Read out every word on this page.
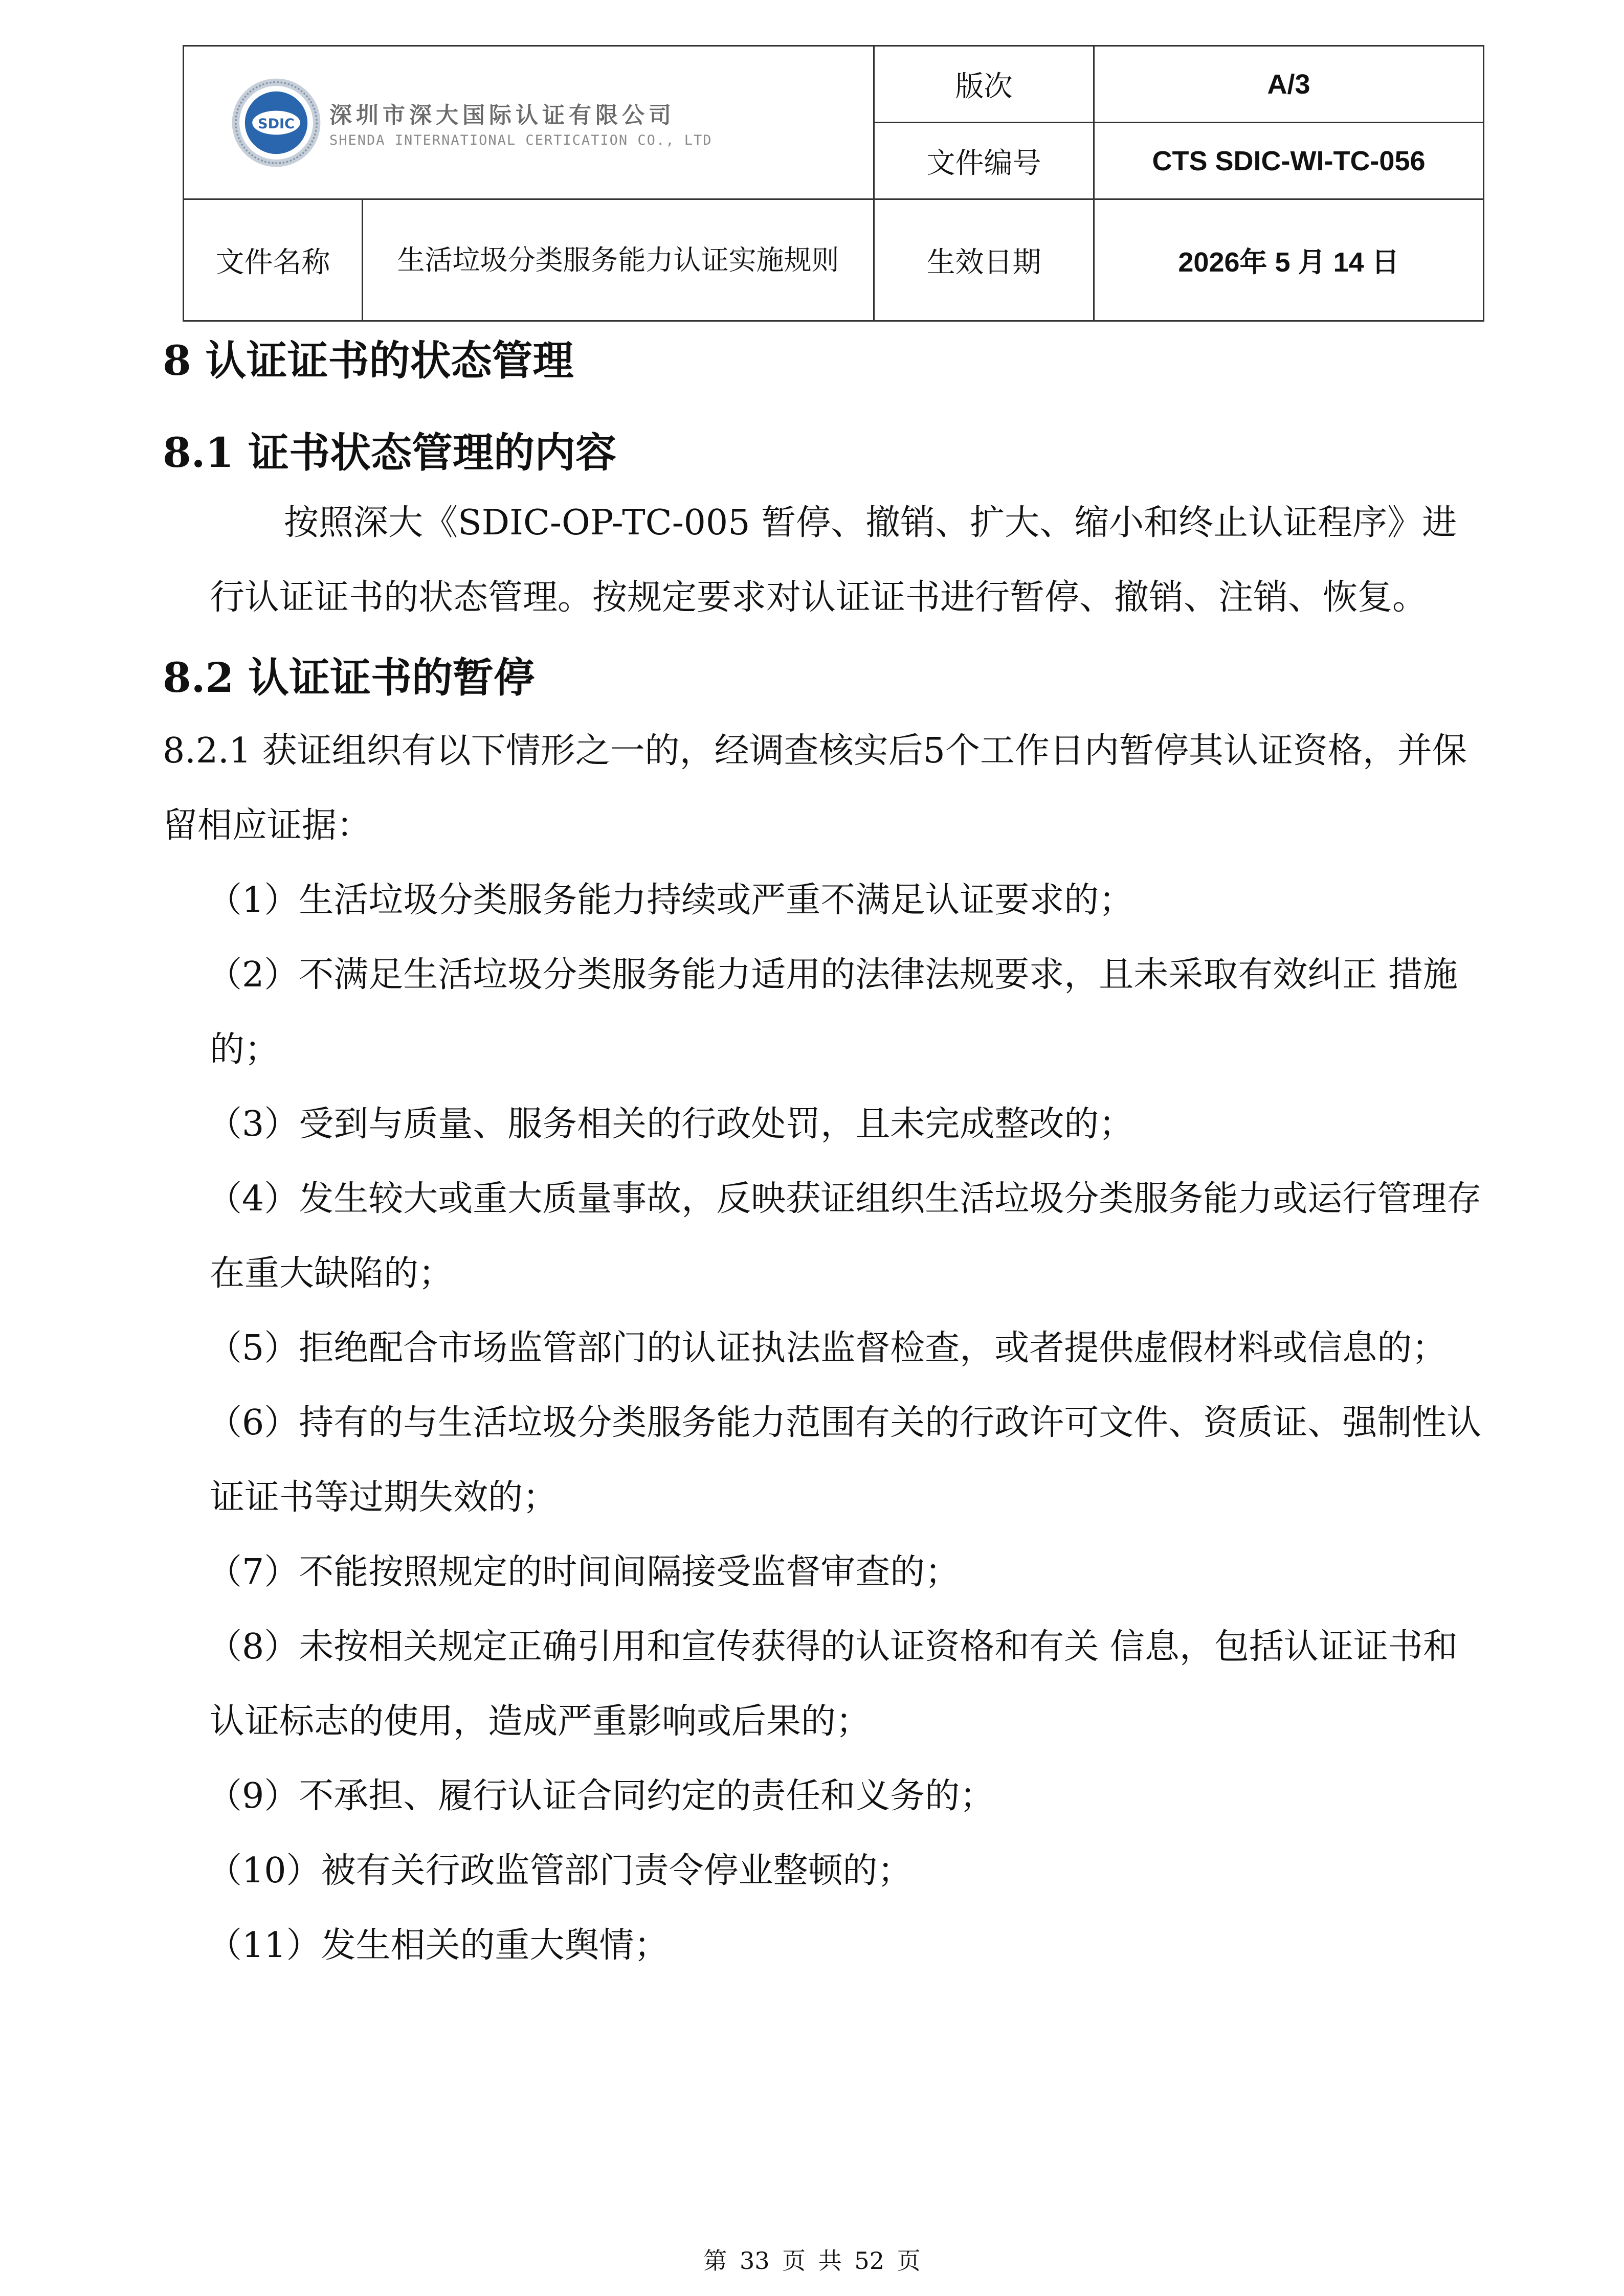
SDIC 深圳市深大国际认证有限公司
SHENDA INTERNATIONAL CERTICATION CO., LTD		版次	A/3
		文件编号	CTS SDIC-WI-TC-056
文件名称	生活垃圾分类服务能力认证实施规则	生效日期	2026年 5 月 14 日
8 认证证书的状态管理
8.1 证书状态管理的内容

按照深大《SDIC-OP-TC-005 暂停、撤销、扩大、缩小和终止认证程序》进行认证证书的状态管理。按规定要求对认证证书进行暂停、撤销、注销、恢复。

8.2 认证证书的暂停

8.2.1 获证组织有以下情形之一的，经调查核实后5个工作日内暂停其认证资格，并保留相应证据：

（1）生活垃圾分类服务能力持续或严重不满足认证要求的；
（2）不满足生活垃圾分类服务能力适用的法律法规要求，且未采取有效纠正 措施的；
（3）受到与质量、服务相关的行政处罚，且未完成整改的；
（4）发生较大或重大质量事故，反映获证组织生活垃圾分类服务能力或运行管理存在重大缺陷的；
（5）拒绝配合市场监管部门的认证执法监督检查，或者提供虚假材料或信息的；
（6）持有的与生活垃圾分类服务能力范围有关的行政许可文件、资质证、强制性认证证书等过期失效的；
（7）不能按照规定的时间间隔接受监督审查的；
（8）未按相关规定正确引用和宣传获得的认证资格和有关 信息，包括认证证书和认证标志的使用，造成严重影响或后果的；
（9）不承担、履行认证合同约定的责任和义务的；
（10）被有关行政监管部门责令停业整顿的；
（11）发生相关的重大舆情；
第 33 页 共 52 页
